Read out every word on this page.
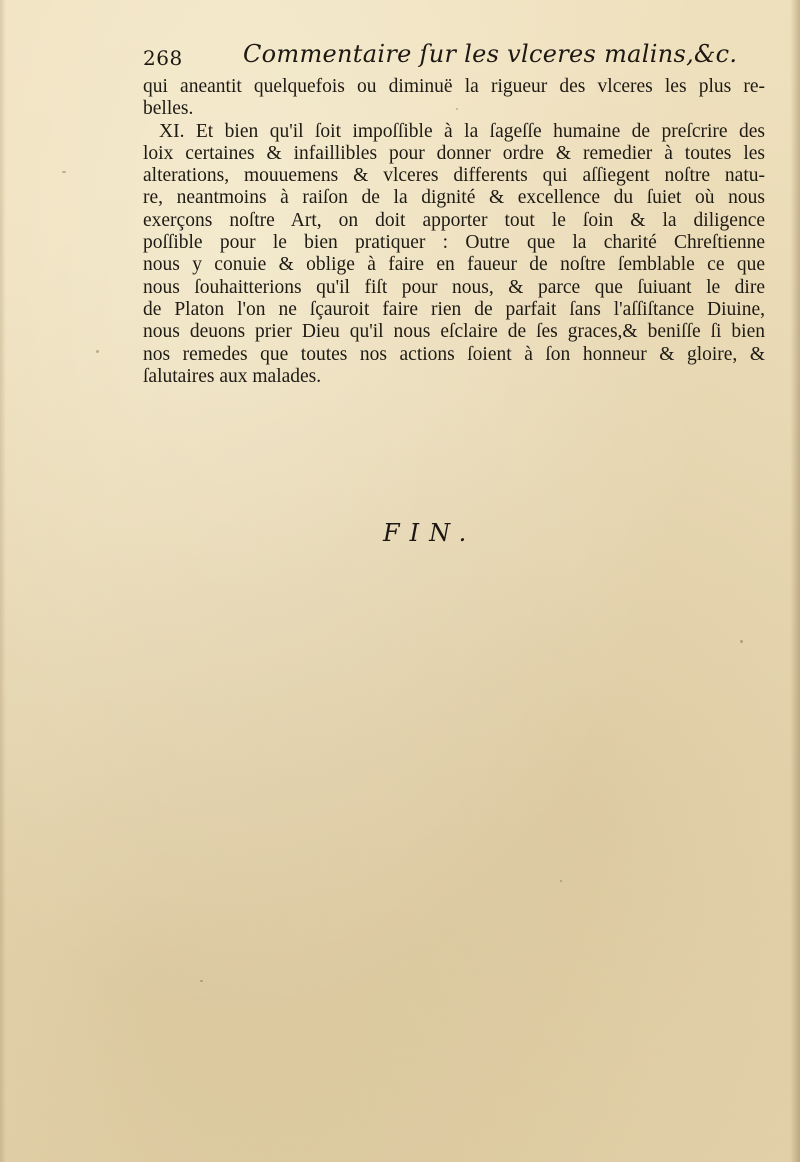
268	Commentaire ſur les vlceres malins,&c.
qui aneantit quelquefois ou diminuë la rigueur des vlceres les plus re-
belles.
XI. Et bien qu'il ſoit impoſſible à la ſageſſe humaine de preſcrire des
loix certaines & infaillibles pour donner ordre & remedier à toutes les
alterations, mouuemens & vlceres differents qui aſſiegent noſtre natu-
re, neantmoins à raiſon de la dignité & excellence du ſuiet où nous
exerçons noſtre Art, on doit apporter tout le ſoin & la diligence
poſſible pour le bien pratiquer : Outre que la charité Chreſtienne
nous y conuie & oblige à faire en faueur de noſtre ſemblable ce que
nous ſouhaitterions qu'il fiſt pour nous, & parce que ſuiuant le dire
de Platon l'on ne ſçauroit faire rien de parfait ſans l'aſſiſtance Diuine,
nous deuons prier Dieu qu'il nous eſclaire de ſes graces,& beniſſe ſi bien
nos remedes que toutes nos actions ſoient à ſon honneur & gloire, &
ſalutaires aux malades.
FIN.
